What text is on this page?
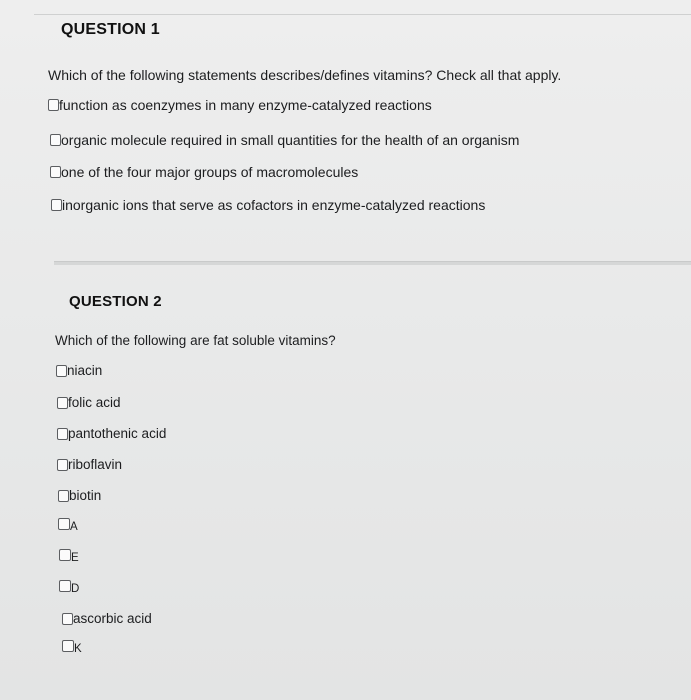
QUESTION 1
Which of the following statements describes/defines vitamins? Check all that apply.
function as coenzymes in many enzyme-catalyzed reactions
organic molecule required in small quantities for the health of an organism
one of the four major groups of macromolecules
inorganic ions that serve as cofactors in enzyme-catalyzed reactions
QUESTION 2
Which of the following are fat soluble vitamins?
niacin
folic acid
pantothenic acid
riboflavin
biotin
A
E
D
ascorbic acid
K
